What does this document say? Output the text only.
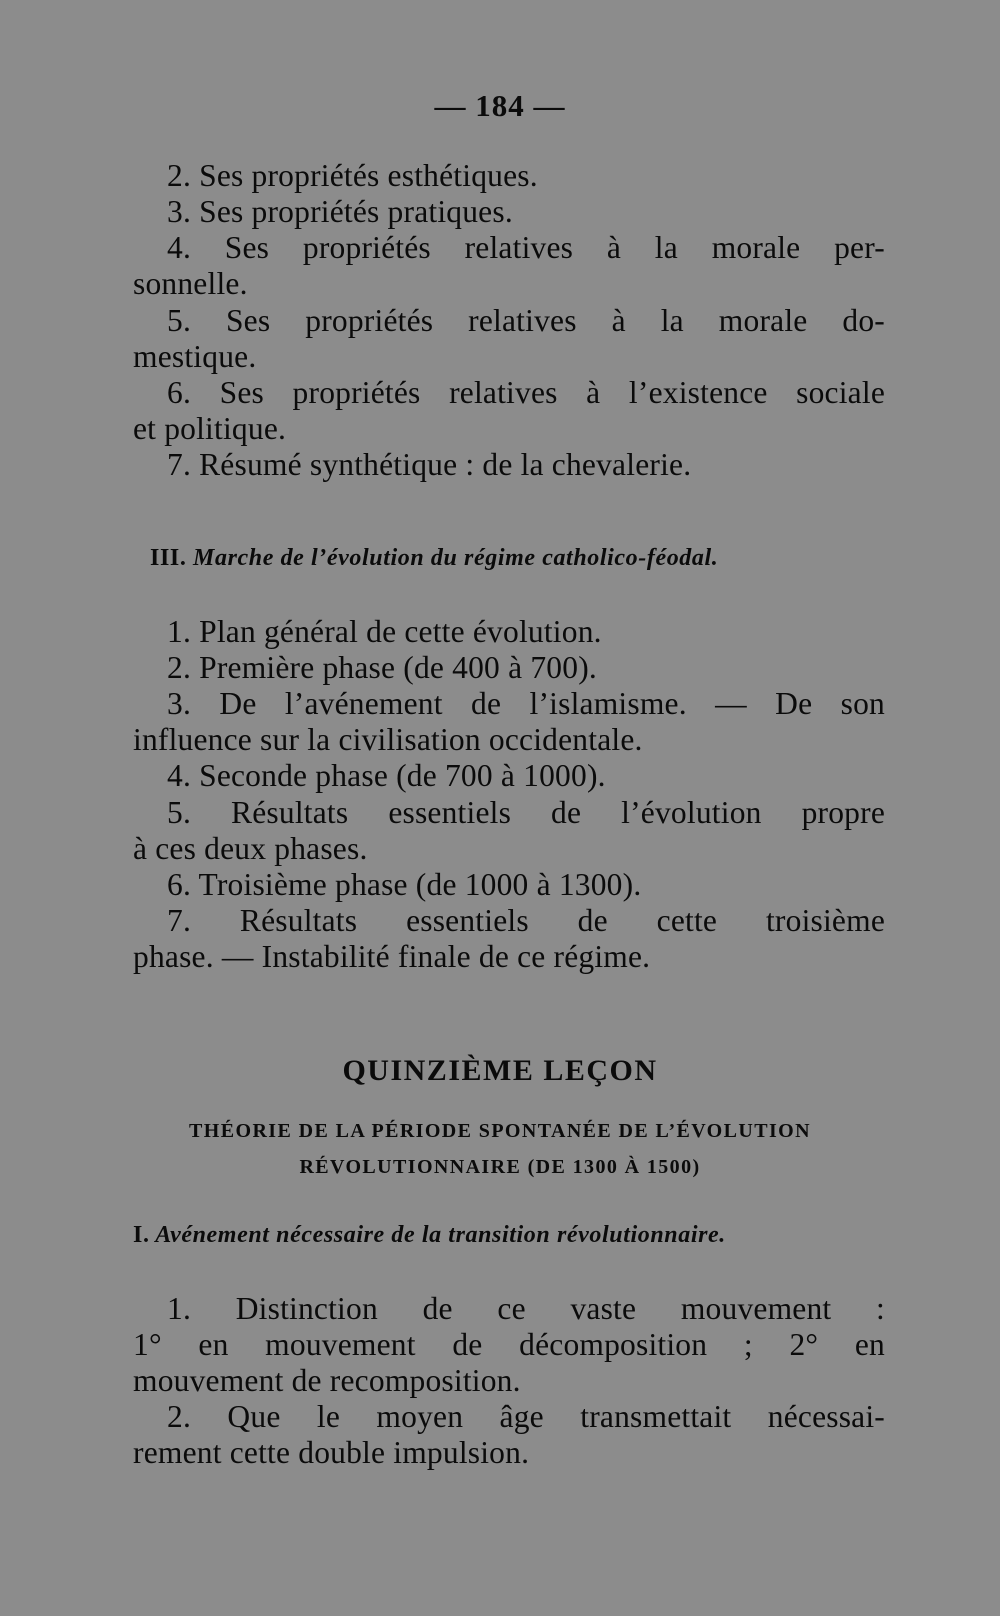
— 184 —
2. Ses propriétés esthétiques.
3. Ses propriétés pratiques.
4. Ses propriétés relatives à la morale per-
sonnelle.
5. Ses propriétés relatives à la morale do-
mestique.
6. Ses propriétés relatives à l’existence sociale
et politique.
7. Résumé synthétique : de la chevalerie.
III. Marche de l’évolution du régime catholico-féodal.
1. Plan général de cette évolution.
2. Première phase (de 400 à 700).
3. De l’avénement de l’islamisme. — De son
influence sur la civilisation occidentale.
4. Seconde phase (de 700 à 1000).
5. Résultats essentiels de l’évolution propre
à ces deux phases.
6. Troisième phase (de 1000 à 1300).
7. Résultats essentiels de cette troisième
phase. — Instabilité finale de ce régime.
QUINZIÈME LEÇON
THÉORIE DE LA PÉRIODE SPONTANÉE DE L’ÉVOLUTION
RÉVOLUTIONNAIRE (DE 1300 À 1500)
I. Avénement nécessaire de la transition révolutionnaire.
1. Distinction de ce vaste mouvement :
1° en mouvement de décomposition ; 2° en
mouvement de recomposition.
2. Que le moyen âge transmettait nécessai-
rement cette double impulsion.
